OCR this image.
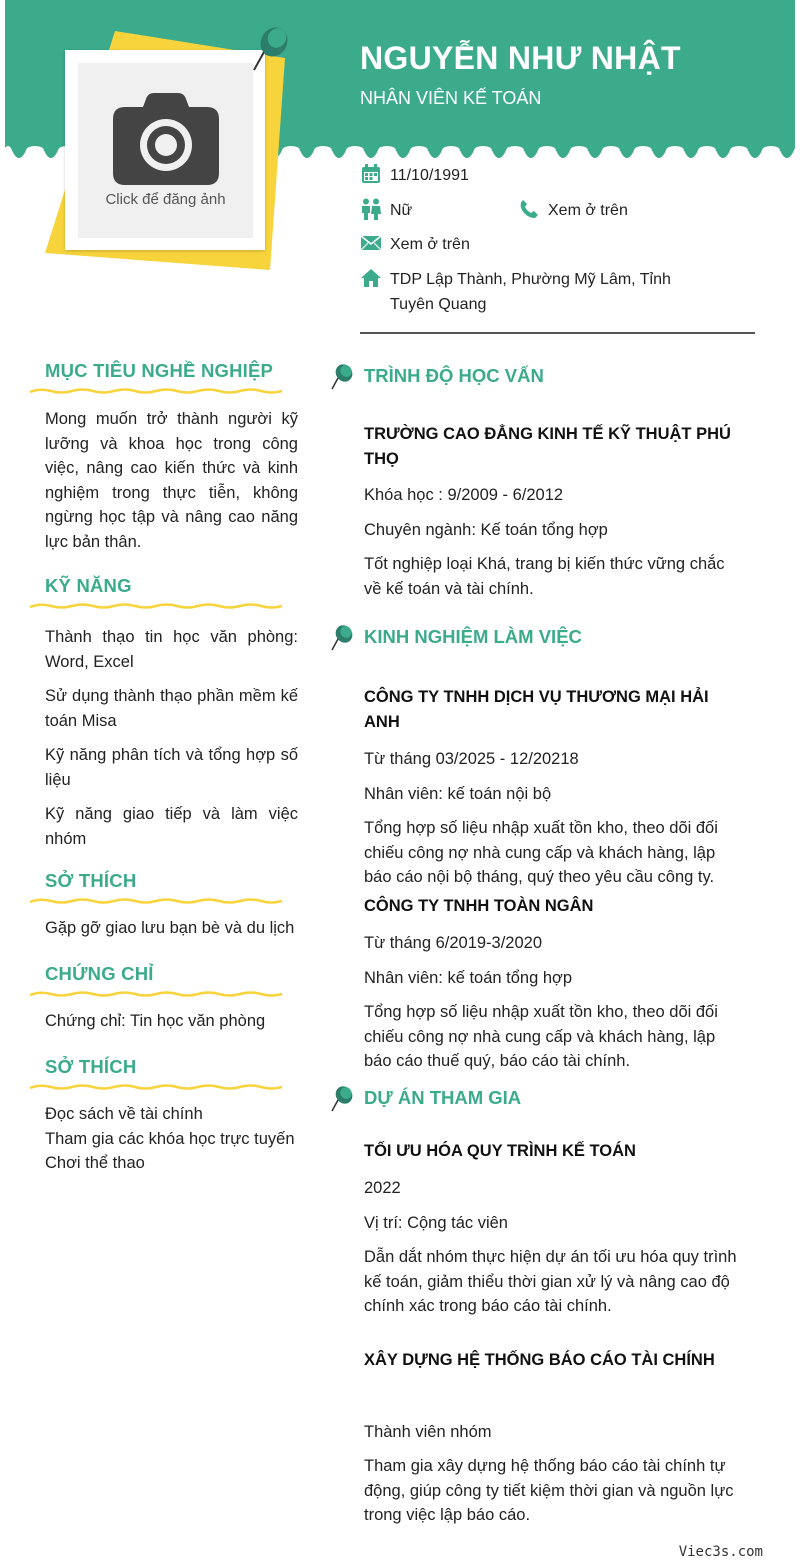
Click để đăng ảnh
NGUYỄN NHƯ NHẬT
NHÂN VIÊN KẾ TOÁN
11/10/1991
Nữ	Xem ở trên
Xem ở trên
TDP Lập Thành, Phường Mỹ Lâm, Tỉnh
Tuyên Quang
MỤC TIÊU NGHỀ NGHIỆP

Mong muốn trở thành người kỹ lưỡng và khoa học trong công việc, nâng cao kiến thức và kinh nghiệm trong thực tiễn, không ngừng học tập và nâng cao năng lực bản thân.

KỸ NĂNG
Thành thạo tin học văn phòng: Word, Excel
Sử dụng thành thạo phần mềm kế toán Misa
Kỹ năng phân tích và tổng hợp số liệu
Kỹ năng giao tiếp và làm việc nhóm
SỞ THÍCH
Gặp gỡ giao lưu bạn bè và du lịch
CHỨNG CHỈ
Chứng chỉ: Tin học văn phòng
SỞ THÍCH
Đọc sách về tài chính
Tham gia các khóa học trực tuyến
Chơi thể thao
TRÌNH ĐỘ HỌC VẤN
TRƯỜNG CAO ĐẲNG KINH TẾ KỸ THUẬT PHÚ THỌ
Khóa học : 9/2009 - 6/2012
Chuyên ngành: Kế toán tổng hợp
Tốt nghiệp loại Khá, trang bị kiến thức vững chắc về kế toán và tài chính.
KINH NGHIỆM LÀM VIỆC
CÔNG TY TNHH DỊCH VỤ THƯƠNG MẠI HẢI ANH
Từ tháng 03/2025 - 12/20218
Nhân viên: kế toán nội bộ
Tổng hợp số liệu nhập xuất tồn kho, theo dõi đối chiếu công nợ nhà cung cấp và khách hàng, lập báo cáo nội bộ tháng, quý theo yêu cầu công ty.
CÔNG TY TNHH TOÀN NGÂN
Từ tháng 6/2019-3/2020
Nhân viên: kế toán tổng hợp
Tổng hợp số liệu nhập xuất tồn kho, theo dõi đối chiếu công nợ nhà cung cấp và khách hàng, lập báo cáo thuế quý, báo cáo tài chính.
DỰ ÁN THAM GIA
TỐI ƯU HÓA QUY TRÌNH KẾ TOÁN
2022
Vị trí: Cộng tác viên
Dẫn dắt nhóm thực hiện dự án tối ưu hóa quy trình kế toán, giảm thiểu thời gian xử lý và nâng cao độ chính xác trong báo cáo tài chính.
XÂY DỰNG HỆ THỐNG BÁO CÁO TÀI CHÍNH
Thành viên nhóm
Tham gia xây dựng hệ thống báo cáo tài chính tự động, giúp công ty tiết kiệm thời gian và nguồn lực trong việc lập báo cáo.
Viec3s.com
